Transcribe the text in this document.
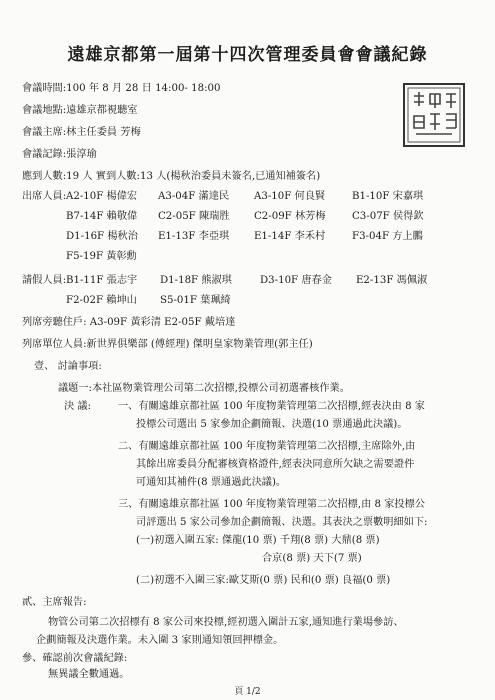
遠雄京都第一屆第十四次管理委員會會議紀錄
會議時間:100 年 8 月 28 日 14:00- 18:00
會議地點:遠雄京都視聽室
會議主席:林主任委員 芳梅
會議記錄:張淳瑜
應到人數:19 人 實到人數:13 人(楊秋治委員未簽名,已通知補簽名)
出席人員: A2-10F 楊偉宏 A3-04F 滿達民 A3-10F 何良賢	B1-10F 宋嘉琪
B7-14F 賴敬偉 C2-05F 陳瑞胜 C2-09F 林芳梅	C3-07F 侯得欽
D1-16F 楊秋治 E1-13F 李亞琪 E1-14F 李禾村	F3-04F 方上鵬
F5-19F 黃彰勳
請假人員: B1-11F 張志宇 D1-18F 熊淑琪	D3-10F 唐春金 E2-13F 馮佩淑
F2-02F 賴坤山 S5-01F 葉珮綺
列席旁聽住戶: A3-09F 黃彩清 E2-05F 戴培達
列席單位人員:新世界俱樂部 (傅經理) 傑明皇家物業管理(郭主任)
壹、 討論事項:
議題一:本社區物業管理公司第二次招標,投標公司初選審核作業。
決 議:	一、有關遠雄京都社區 100 年度物業管理第二次招標,經表決由 8 家
投標公司選出 5 家參加企劃簡報、決選(10 票通過此決議)。
二、有關遠雄京都社區 100 年度物業管理第二次招標,主席除外,由
其餘出席委員分配審核資格證件,經表決同意所欠缺之需要證件
可通知其補件(8 票通過此決議)。
三、有關遠雄京都社區 100 年度物業管理第二次招標,由 8 家投標公
司評選出 5 家公司參加企劃簡報、決選。其表決之票數明細如下:
(一)初選入圍五家: 傑龍(10 票) 千翔(8 票) 大鼎(8 票)
合京(8 票) 天下(7 票)
(二)初選不入圍三家:歐艾斯(0 票) 民和(0 票) 良福(0 票)
貳、主席報告:
物管公司第二次招標有 8 家公司來投標,經初選入圍計五家,通知進行業場參訪、
企劃簡報及決選作業。未入圍 3 家則通知領回押標金。
參、確認前次會議紀錄:
無異議全數通過。
頁 1/2
